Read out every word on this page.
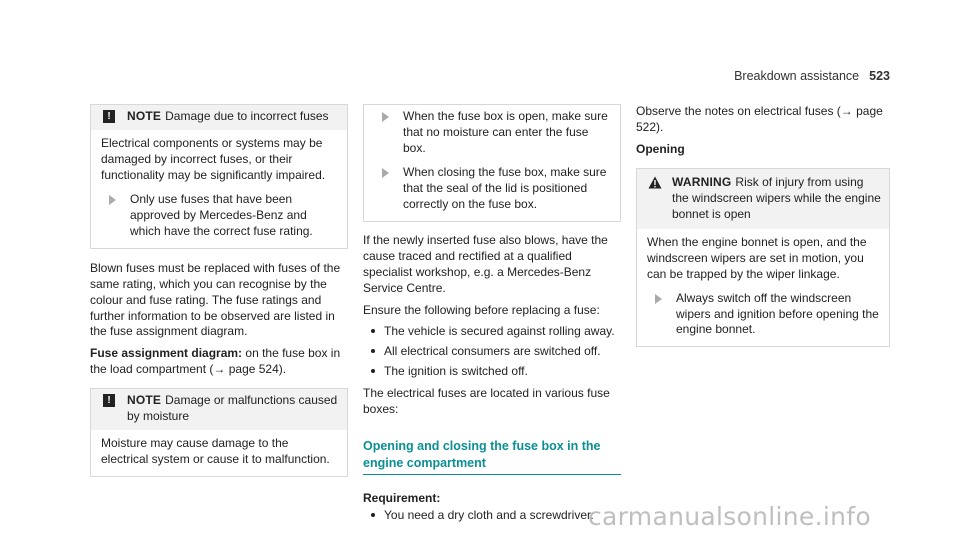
Breakdown assistance 523
!	NOTE Damage due to incorrect fuses

Electrical components or systems may be damaged by incorrect fuses, or their functionality may be significantly impaired.

Only use fuses that have been approved by Mercedes-Benz and which have the correct fuse rating.

Blown fuses must be replaced with fuses of the same rating, which you can recognise by the colour and fuse rating. The fuse ratings and further information to be observed are listed in the fuse assignment diagram.

Fuse assignment diagram: on the fuse box in the load compartment (→ page 524).

!	NOTE Damage or malfunctions caused by moisture

Moisture may cause damage to the electrical system or cause it to malfunction.

When the fuse box is open, make sure that no moisture can enter the fuse box.
When closing the fuse box, make sure that the seal of the lid is positioned correctly on the fuse box.

If the newly inserted fuse also blows, have the cause traced and rectified at a qualified specialist workshop, e.g. a Mercedes-Benz Service Centre.

Ensure the following before replacing a fuse:

The vehicle is secured against rolling away.
All electrical consumers are switched off.
The ignition is switched off.

The electrical fuses are located in various fuse boxes:

Opening and closing the fuse box in the engine compartment

Requirement:

You need a dry cloth and a screwdriver.

Observe the notes on electrical fuses (→ page 522).

Opening

WARNING Risk of injury from using the windscreen wipers while the engine bonnet is open

When the engine bonnet is open, and the windscreen wipers are set in motion, you can be trapped by the wiper linkage.

Always switch off the windscreen wipers and ignition before opening the engine bonnet.
carmanualsonline.info
